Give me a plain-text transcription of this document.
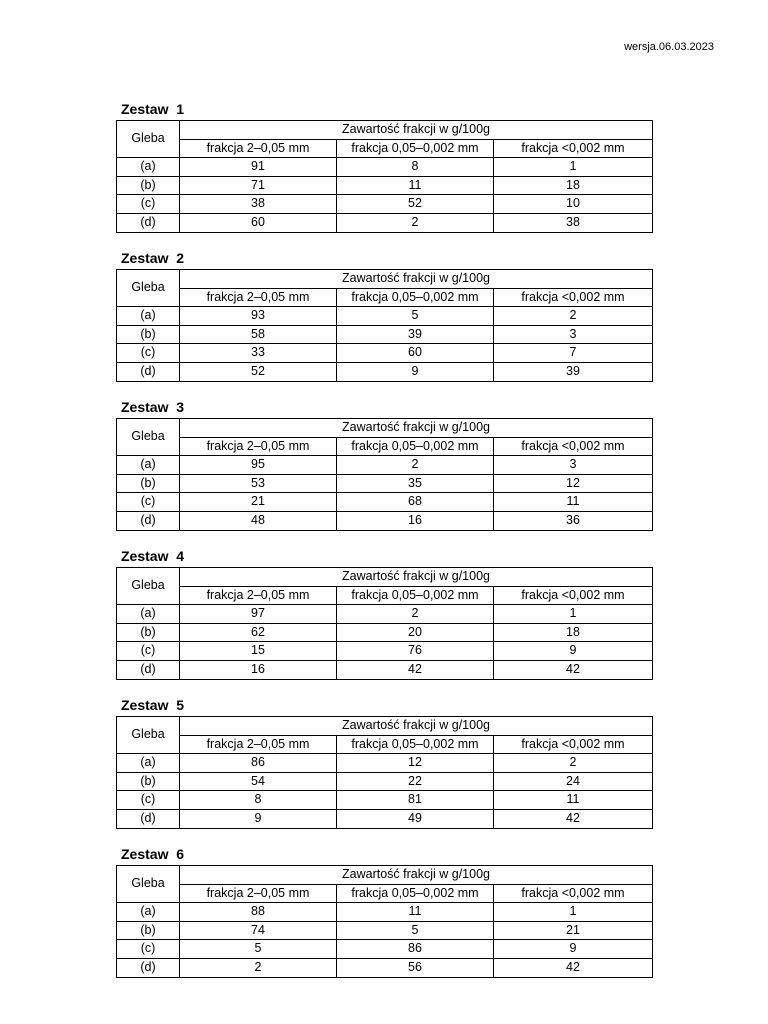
wersja.06.03.2023
Zestaw  1
Gleba	Zawartość frakcji w g/100g		
	frakcja 2–0,05 mm	frakcja 0,05–0,002 mm	frakcja <0,002 mm
(a)	91	8	1
(b)	71	11	18
(c)	38	52	10
(d)	60	2	38
Zestaw  2
Gleba	Zawartość frakcji w g/100g		
	frakcja 2–0,05 mm	frakcja 0,05–0,002 mm	frakcja <0,002 mm
(a)	93	5	2
(b)	58	39	3
(c)	33	60	7
(d)	52	9	39
Zestaw  3
Gleba	Zawartość frakcji w g/100g		
	frakcja 2–0,05 mm	frakcja 0,05–0,002 mm	frakcja <0,002 mm
(a)	95	2	3
(b)	53	35	12
(c)	21	68	11
(d)	48	16	36
Zestaw  4
Gleba	Zawartość frakcji w g/100g		
	frakcja 2–0,05 mm	frakcja 0,05–0,002 mm	frakcja <0,002 mm
(a)	97	2	1
(b)	62	20	18
(c)	15	76	9
(d)	16	42	42
Zestaw  5
Gleba	Zawartość frakcji w g/100g		
	frakcja 2–0,05 mm	frakcja 0,05–0,002 mm	frakcja <0,002 mm
(a)	86	12	2
(b)	54	22	24
(c)	8	81	11
(d)	9	49	42
Zestaw  6
Gleba	Zawartość frakcji w g/100g		
	frakcja 2–0,05 mm	frakcja 0,05–0,002 mm	frakcja <0,002 mm
(a)	88	11	1
(b)	74	5	21
(c)	5	86	9
(d)	2	56	42
